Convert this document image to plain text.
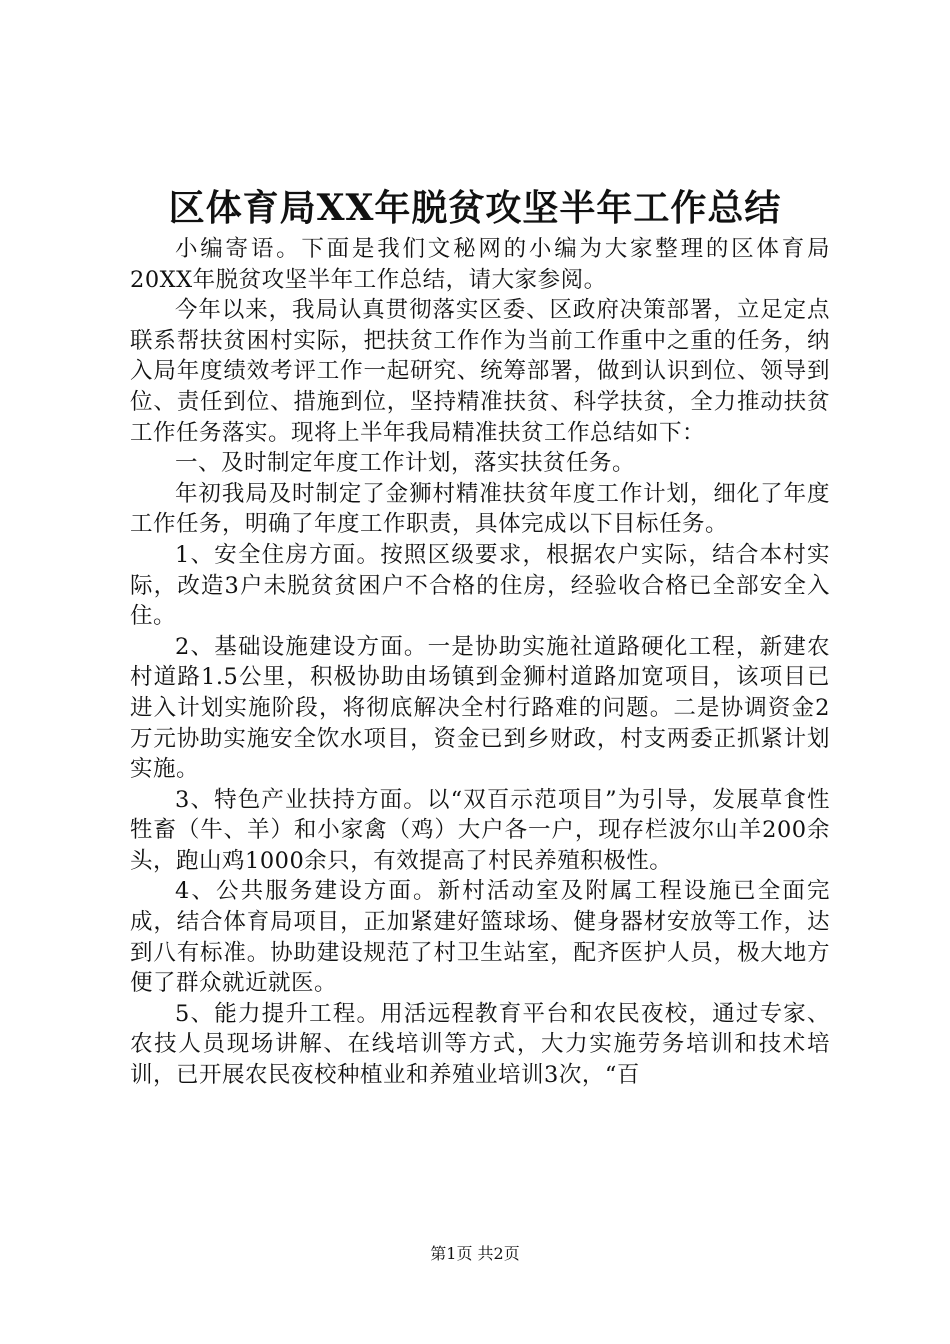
区体育局XX年脱贫攻坚半年工作总结

小编寄语。下面是我们文秘网的小编为大家整理的区体育局20XX年脱贫攻坚半年工作总结，请大家参阅。

今年以来，我局认真贯彻落实区委、区政府决策部署，立足定点联系帮扶贫困村实际，把扶贫工作作为当前工作重中之重的任务，纳入局年度绩效考评工作一起研究、统筹部署，做到认识到位、领导到位、责任到位、措施到位，坚持精准扶贫、科学扶贫，全力推动扶贫工作任务落实。现将上半年我局精准扶贫工作总结如下：

一、及时制定年度工作计划，落实扶贫任务。

年初我局及时制定了金狮村精准扶贫年度工作计划，细化了年度工作任务，明确了年度工作职责，具体完成以下目标任务。

1、安全住房方面。按照区级要求，根据农户实际，结合本村实际，改造3户未脱贫贫困户不合格的住房，经验收合格已全部安全入住。

2、基础设施建设方面。一是协助实施社道路硬化工程，新建农村道路1.5公里，积极协助由场镇到金狮村道路加宽项目，该项目已进入计划实施阶段，将彻底解决全村行路难的问题。二是协调资金2万元协助实施安全饮水项目，资金已到乡财政，村支两委正抓紧计划实施。

3、特色产业扶持方面。以“双百示范项目”为引导，发展草食性牲畜（牛、羊）和小家禽（鸡）大户各一户，现存栏波尔山羊200余头，跑山鸡1000余只，有效提高了村民养殖积极性。

4、公共服务建设方面。新村活动室及附属工程设施已全面完成，结合体育局项目，正加紧建好篮球场、健身器材安放等工作，达到八有标准。协助建设规范了村卫生站室，配齐医护人员，极大地方便了群众就近就医。

5、能力提升工程。用活远程教育平台和农民夜校，通过专家、农技人员现场讲解、在线培训等方式，大力实施劳务培训和技术培训，已开展农民夜校种植业和养殖业培训3次，“百

第1页 共2页
